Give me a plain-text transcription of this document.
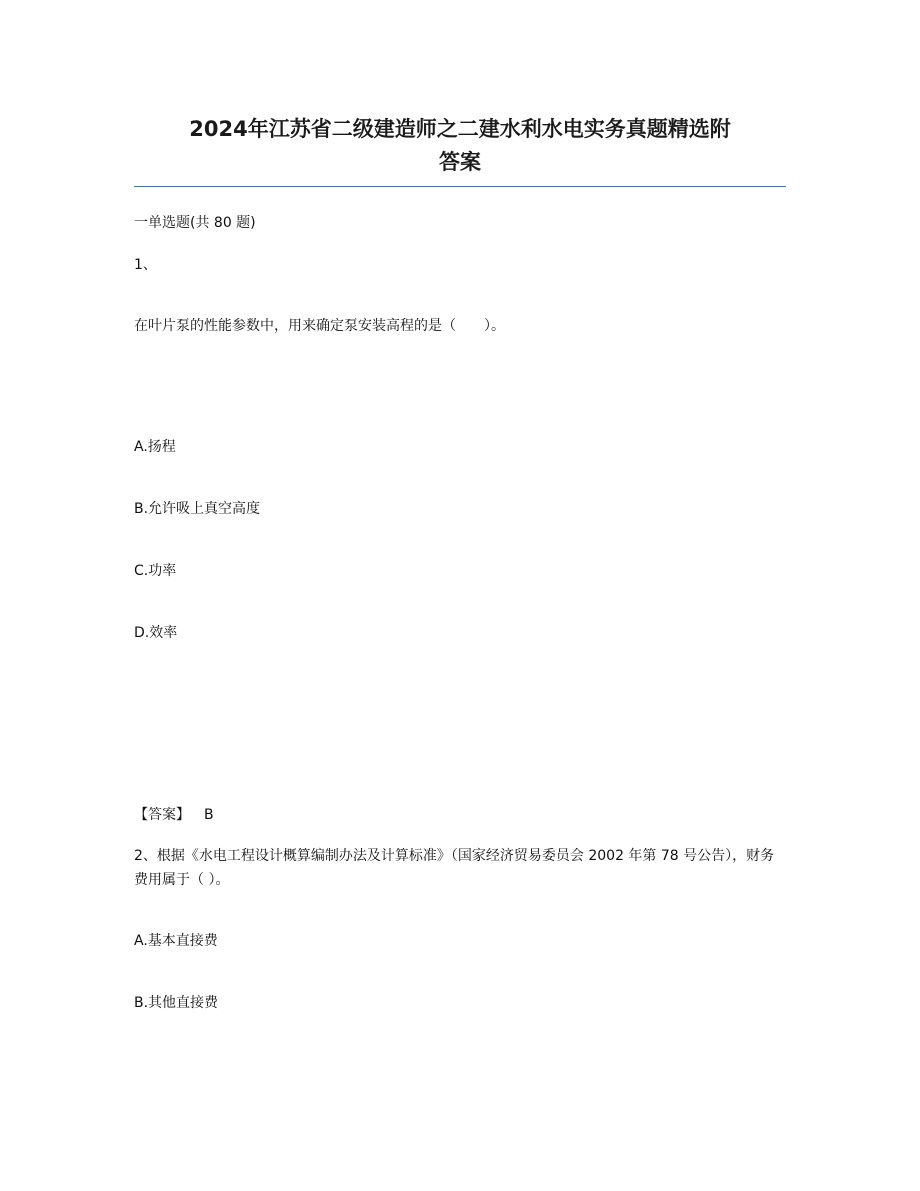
2024年江苏省二级建造师之二建水利水电实务真题精选附
答案
一单选题(共 80 题)
1、
在叶片泵的性能参数中，用来确定泵安装高程的是（　　）。
A.扬程
B.允许吸上真空高度
C.功率
D.效率
【答案】 B
2、根据《水电工程设计概算编制办法及计算标准》（国家经济贸易委员会 2002 年第 78 号公告），财务费用属于（ ）。
A.基本直接费
B.其他直接费
